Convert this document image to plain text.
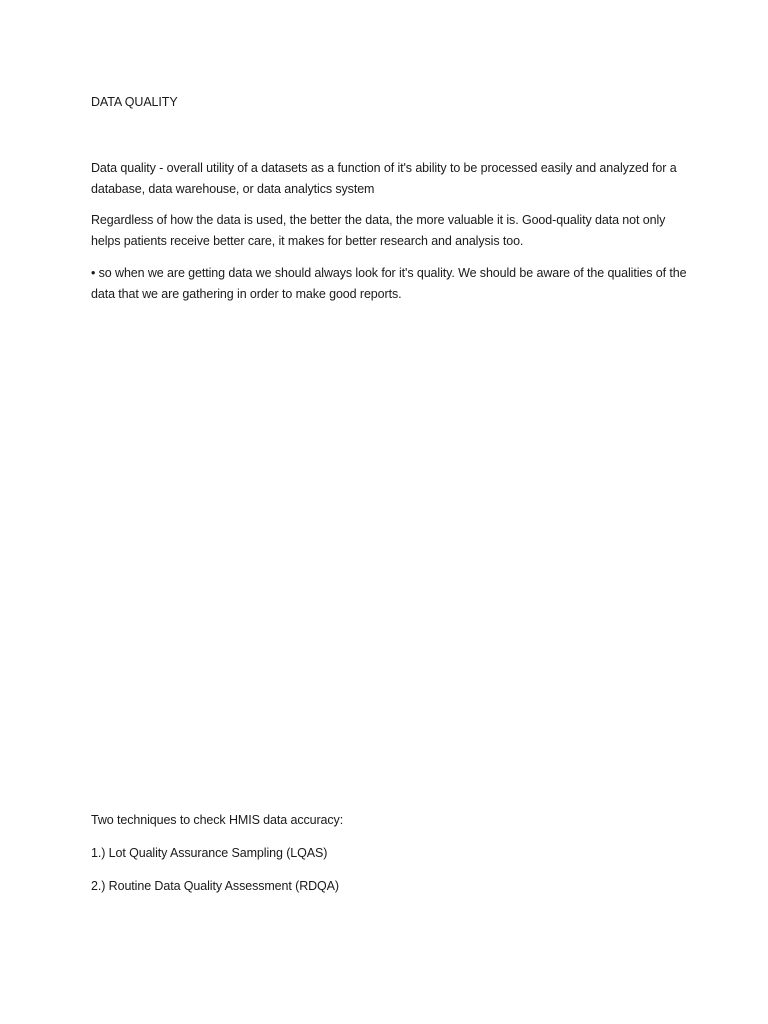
DATA QUALITY

Data quality - overall utility of a datasets as a function of it's ability to be processed easily and analyzed for a database, data warehouse, or data analytics system

Regardless of how the data is used, the better the data, the more valuable it is. Good-quality data not only helps patients receive better care, it makes for better research and analysis too.

• so when we are getting data we should always look for it's quality. We should be aware of the qualities of the data that we are gathering in order to make good reports.

Two techniques to check HMIS data accuracy:

1.) Lot Quality Assurance Sampling (LQAS)

2.) Routine Data Quality Assessment (RDQA)
